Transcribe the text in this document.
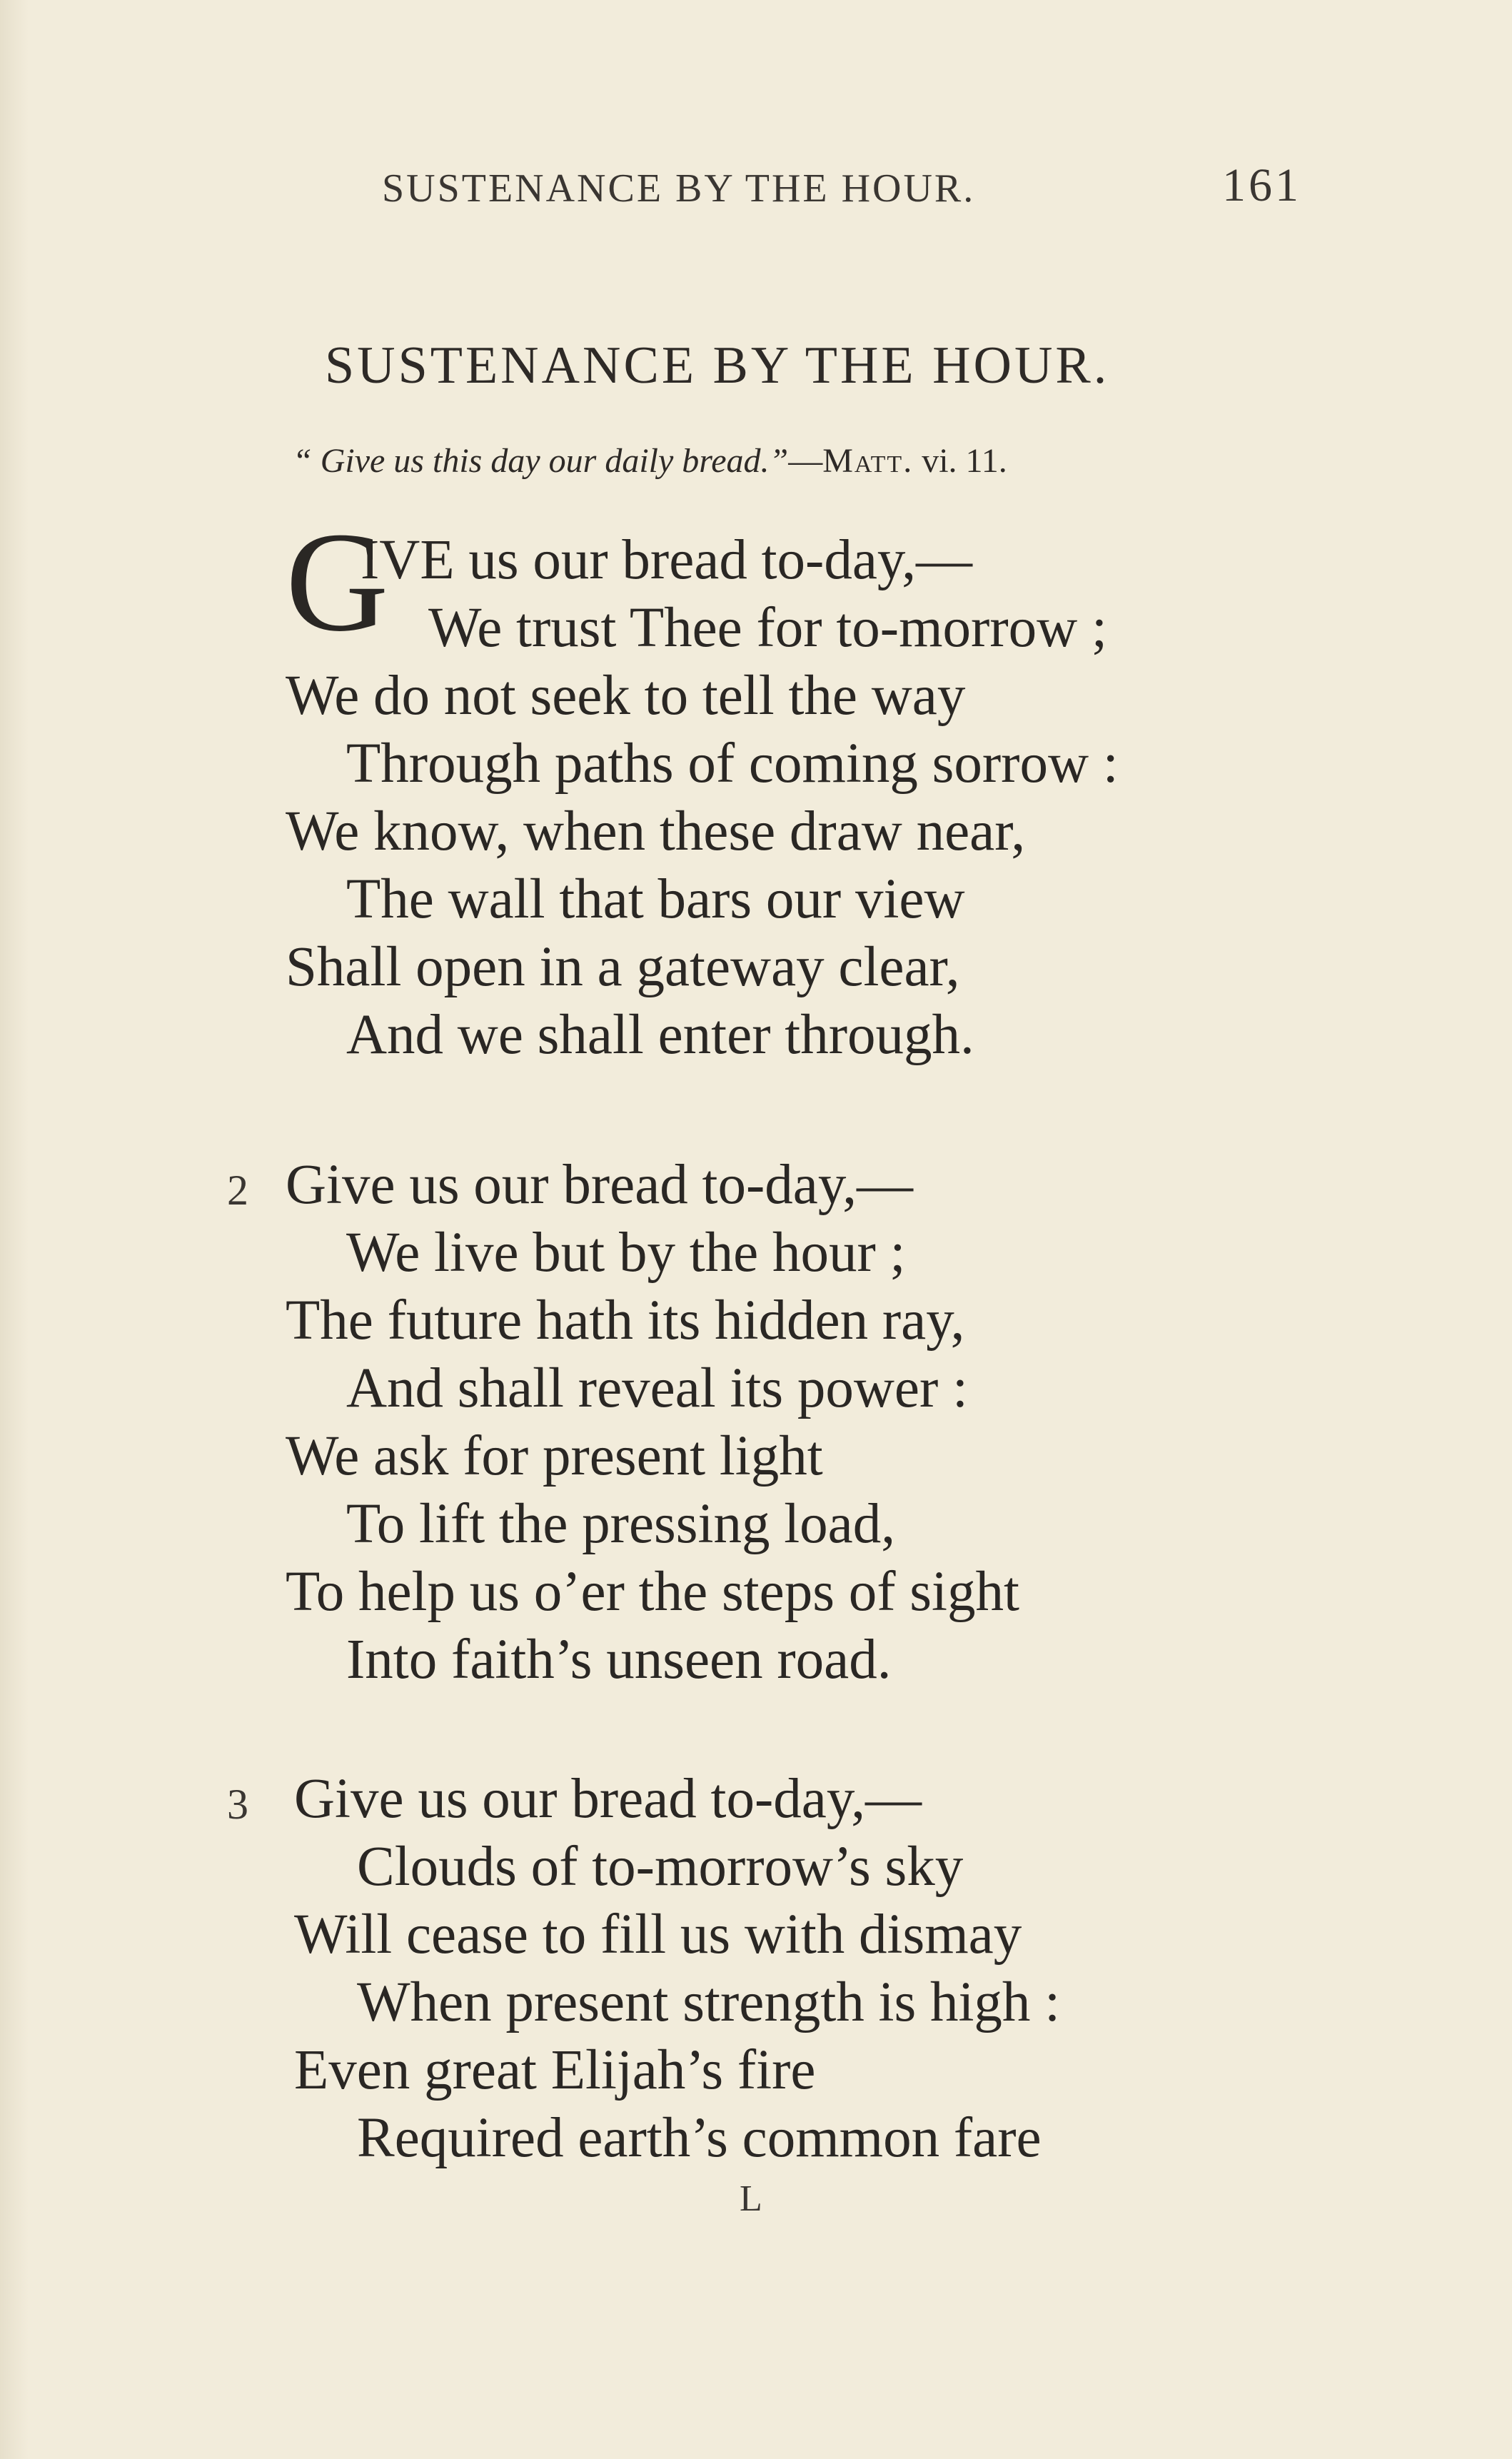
SUSTENANCE BY THE HOUR.	161
SUSTENANCE BY THE HOUR.
“ Give us this day our daily bread.”—Matt. vi. 11.
G
IVE us our bread to-day,—
We trust Thee for to-morrow ;
We do not seek to tell the way
Through paths of coming sorrow :
We know, when these draw near,
The wall that bars our view
Shall open in a gateway clear,
And we shall enter through.
2 Give us our bread to-day,—
We live but by the hour ;
The future hath its hidden ray,
And shall reveal its power :
We ask for present light
To lift the pressing load,
To help us o’er the steps of sight
Into faith’s unseen road.
3 Give us our bread to-day,—
Clouds of to-morrow’s sky
Will cease to fill us with dismay
When present strength is high :
Even great Elijah’s fire
Required earth’s common fare
L
